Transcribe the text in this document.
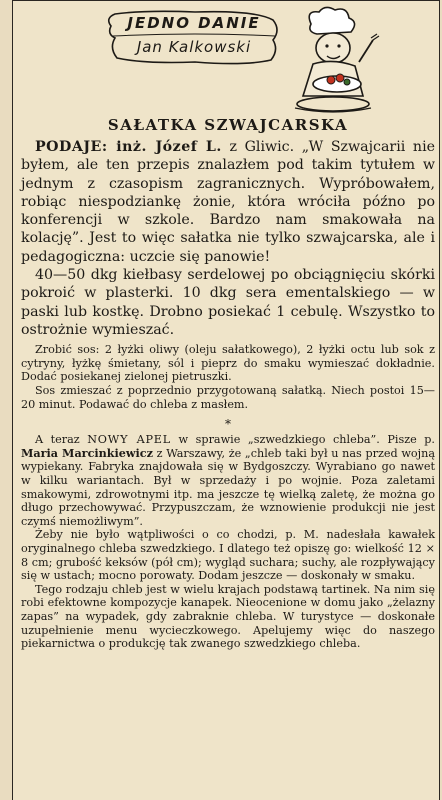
JEDNO DANIE
Jan Kalkowski
SAŁATKA SZWAJCARSKA

PODAJE: inż. Józef L. z Gliwic. „W Szwajcarii nie byłem, ale ten przepis znalazłem pod takim tytułem w jednym z czasopism zagranicznych. Wypróbowałem, robiąc niespodziankę żonie, która wróciła późno po konferencji w szkole. Bardzo nam smakowała na kolację”. Jest to więc sałatka nie tylko szwajcarska, ale i pedagogiczna: uczcie się panowie!

40—50 dkg kiełbasy serdelowej po obciągnięciu skórki pokroić w plasterki. 10 dkg sera ementalskiego — w paski lub kostkę. Drobno posiekać 1 cebulę. Wszystko to ostrożnie wymieszać.

Zrobić sos: 2 łyżki oliwy (oleju sałatkowego), 2 łyżki octu lub sok z cytryny, łyżkę śmietany, sól i pieprz do smaku wymieszać dokładnie. Dodać posiekanej zielonej pietruszki.

Sos zmieszać z poprzednio przygotowaną sałatką. Niech postoi 15—20 minut. Podawać do chleba z masłem.

*

A teraz NOWY APEL w sprawie „szwedzkiego chleba”. Pisze p. Maria Marcinkiewicz z Warszawy, że „chleb taki był u nas przed wojną wypiekany. Fabryka znajdowała się w Bydgoszczy. Wyrabiano go nawet w kilku wariantach. Był w sprzedaży i po wojnie. Poza zaletami smakowymi, zdrowotnymi itp. ma jeszcze tę wielką zaletę, że można go długo przechowywać. Przypuszczam, że wznowienie produkcji nie jest czymś niemożliwym”.

Żeby nie było wątpliwości o co chodzi, p. M. nadesłała kawałek oryginalnego chleba szwedzkiego. I dlatego też opiszę go: wielkość 12 × 8 cm; grubość keksów (pół cm); wygląd sucharа; suchy, ale rozpływający się w ustach; mocno porowaty. Dodam jeszcze — doskonały w smaku.

Tego rodzaju chleb jest w wielu krajach podstawą tartinek. Na nim się robi efektowne kompozycje kanapek. Nieocenione w domu jako „żelazny zapas” na wypadek, gdy zabraknie chleba. W turystyce — doskonałe uzupełnienie menu wycieczkowego. Apelujemy więc do naszego piekarnictwa o produkcję tak zwanego szwedzkiego chleba.
